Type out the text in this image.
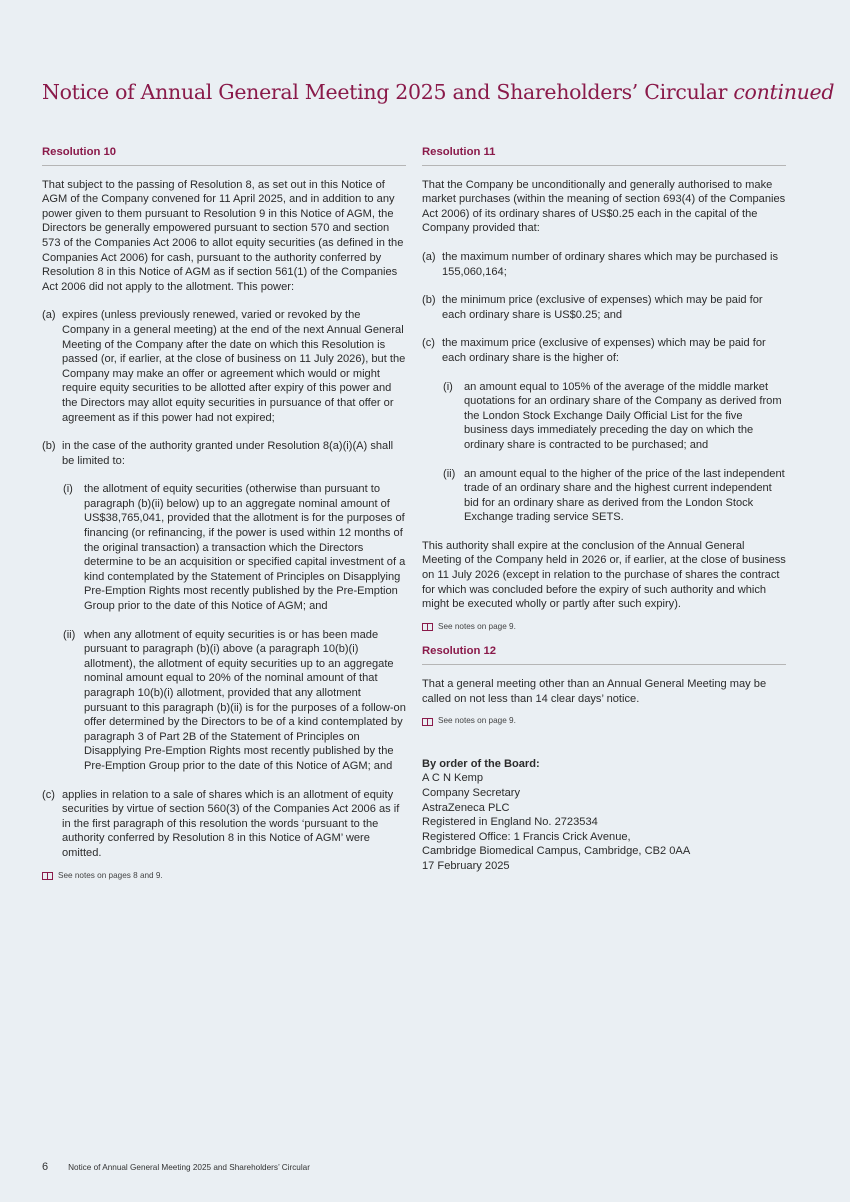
Notice of Annual General Meeting 2025 and Shareholders’ Circular continued
Resolution 10

That subject to the passing of Resolution 8, as set out in this Notice of AGM of the Company convened for 11 April 2025, and in addition to any power given to them pursuant to Resolution 9 in this Notice of AGM, the Directors be generally empowered pursuant to section 570 and section 573 of the Companies Act 2006 to allot equity securities (as defined in the Companies Act 2006) for cash, pursuant to the authority conferred by Resolution 8 in this Notice of AGM as if section 561(1) of the Companies Act 2006 did not apply to the allotment. This power:

(a) expires (unless previously renewed, varied or revoked by the Company in a general meeting) at the end of the next Annual General Meeting of the Company after the date on which this Resolution is passed (or, if earlier, at the close of business on 11 July 2026), but the Company may make an offer or agreement which would or might require equity securities to be allotted after expiry of this power and the Directors may allot equity securities in pursuance of that offer or agreement as if this power had not expired;
(b) in the case of the authority granted under Resolution 8(a)(i)(A) shall be limited to:
(i) the allotment of equity securities (otherwise than pursuant to paragraph (b)(ii) below) up to an aggregate nominal amount of US$38,765,041, provided that the allotment is for the purposes of financing (or refinancing, if the power is used within 12 months of the original transaction) a transaction which the Directors determine to be an acquisition or specified capital investment of a kind contemplated by the Statement of Principles on Disapplying Pre-Emption Rights most recently published by the Pre-Emption Group prior to the date of this Notice of AGM; and
(ii) when any allotment of equity securities is or has been made pursuant to paragraph (b)(i) above (a paragraph 10(b)(i) allotment), the allotment of equity securities up to an aggregate nominal amount equal to 20% of the nominal amount of that paragraph 10(b)(i) allotment, provided that any allotment pursuant to this paragraph (b)(ii) is for the purposes of a follow-on offer determined by the Directors to be of a kind contemplated by paragraph 3 of Part 2B of the Statement of Principles on Disapplying Pre-Emption Rights most recently published by the Pre-Emption Group prior to the date of this Notice of AGM; and
(c) applies in relation to a sale of shares which is an allotment of equity securities by virtue of section 560(3) of the Companies Act 2006 as if in the first paragraph of this resolution the words ‘pursuant to the authority conferred by Resolution 8 in this Notice of AGM’ were omitted.
See notes on pages 8 and 9.
Resolution 11

That the Company be unconditionally and generally authorised to make market purchases (within the meaning of section 693(4) of the Companies Act 2006) of its ordinary shares of US$0.25 each in the capital of the Company provided that:

(a) the maximum number of ordinary shares which may be purchased is 155,060,164;
(b) the minimum price (exclusive of expenses) which may be paid for each ordinary share is US$0.25; and
(c) the maximum price (exclusive of expenses) which may be paid for each ordinary share is the higher of:
(i) an amount equal to 105% of the average of the middle market quotations for an ordinary share of the Company as derived from the London Stock Exchange Daily Official List for the five business days immediately preceding the day on which the ordinary share is contracted to be purchased; and
(ii) an amount equal to the higher of the price of the last independent trade of an ordinary share and the highest current independent bid for an ordinary share as derived from the London Stock Exchange trading service SETS.

This authority shall expire at the conclusion of the Annual General Meeting of the Company held in 2026 or, if earlier, at the close of business on 11 July 2026 (except in relation to the purchase of shares the contract for which was concluded before the expiry of such authority and which might be executed wholly or partly after such expiry).

See notes on page 9.
Resolution 12

That a general meeting other than an Annual General Meeting may be called on not less than 14 clear days’ notice.

See notes on page 9.
By order of the Board:
A C N Kemp
Company Secretary
AstraZeneca PLC
Registered in England No. 2723534
Registered Office: 1 Francis Crick Avenue,
Cambridge Biomedical Campus, Cambridge, CB2 0AA
17 February 2025
6 Notice of Annual General Meeting 2025 and Shareholders’ Circular
